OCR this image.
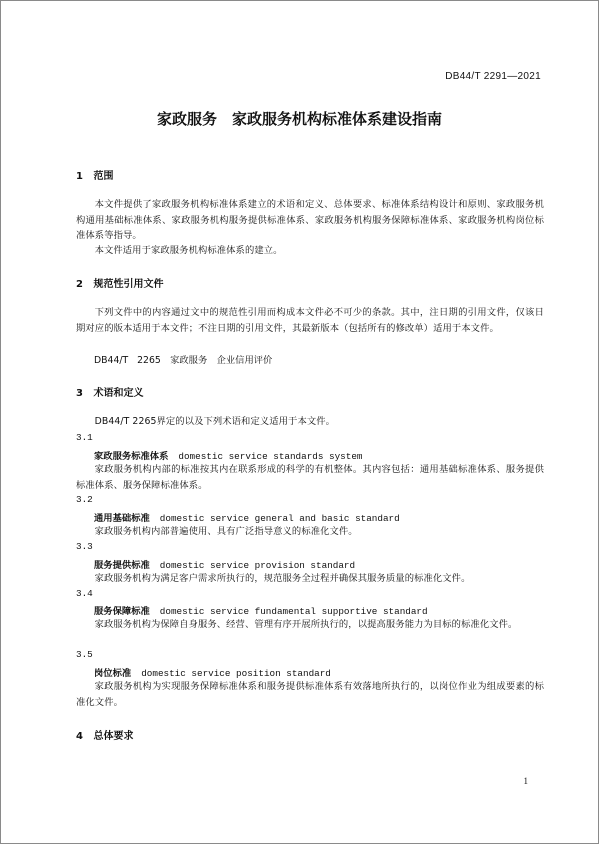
DB44/T 2291—2021
家政服务　家政服务机构标准体系建设指南
1 范围
本文件提供了家政服务机构标准体系建立的术语和定义、总体要求、标准体系结构设计和原则、家政服务机构通用基础标准体系、家政服务机构服务提供标准体系、家政服务机构服务保障标准体系、家政服务机构岗位标准体系等指导。
本文件适用于家政服务机构标准体系的建立。
2 规范性引用文件
下列文件中的内容通过文中的规范性引用而构成本文件必不可少的条款。其中，注日期的引用文件，仅该日期对应的版本适用于本文件；不注日期的引用文件，其最新版本（包括所有的修改单）适用于本文件。
DB44/T 2265　家政服务　企业信用评价
3 术语和定义
DB44/T 2265界定的以及下列术语和定义适用于本文件。
3.1
家政服务标准体系 domestic service standards system
家政服务机构内部的标准按其内在联系形成的科学的有机整体。其内容包括：通用基础标准体系、服务提供标准体系、服务保障标准体系。
3.2
通用基础标准 domestic service general and basic standard
家政服务机构内部普遍使用、具有广泛指导意义的标准化文件。
3.3
服务提供标准 domestic service provision standard
家政服务机构为满足客户需求所执行的，规范服务全过程并确保其服务质量的标准化文件。
3.4
服务保障标准 domestic service fundamental supportive standard
家政服务机构为保障自身服务、经营、管理有序开展所执行的，以提高服务能力为目标的标准化文件。
3.5
岗位标准 domestic service position standard
家政服务机构为实现服务保障标准体系和服务提供标准体系有效落地所执行的，以岗位作业为组成要素的标准化文件。
4 总体要求
1
